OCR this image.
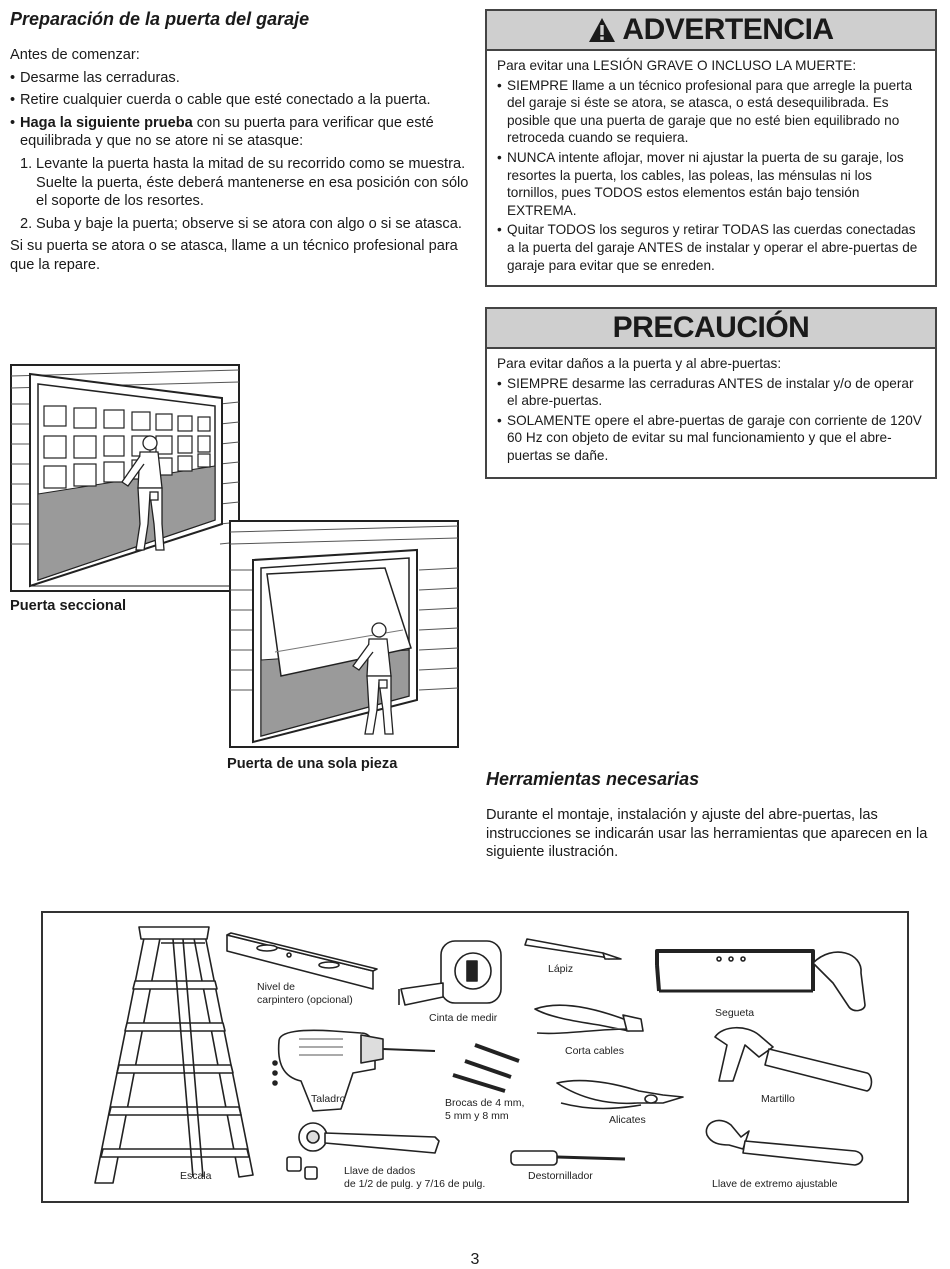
Preparación de la puerta del garaje

Antes de comenzar:

• Desarme las cerraduras.
• Retire cualquier cuerda o cable que esté conectado a la puerta.
• Haga la siguiente prueba con su puerta para verificar que esté equilibrada y que no se atore ni se atasque:
1. Levante la puerta hasta la mitad de su recorrido como se muestra. Suelte la puerta, éste deberá mantenerse en esa posición con sólo el soporte de los resortes.
2. Suba y baje la puerta; observe si se atora con algo o si se atasca.

Si su puerta se atora o se atasca, llame a un técnico profesional para que la repare.

Puerta seccional
Puerta de una sola pieza
ADVERTENCIA
Para evitar una LESIÓN GRAVE O INCLUSO LA MUERTE:
• SIEMPRE llame a un técnico profesional para que arregle la puerta del garaje si éste se atora, se atasca, o está desequilibrada. Es posible que una puerta de garaje que no esté bien equilibrado no retroceda cuando se requiera.
• NUNCA intente aflojar, mover ni ajustar la puerta de su garaje, los resortes la puerta, los cables, las poleas, las ménsulas ni los tornillos, pues TODOS estos elementos están bajo tensión EXTREMA.
• Quitar TODOS los seguros y retirar TODAS las cuerdas conectadas a la puerta del garaje ANTES de instalar y operar el abre-puertas de garaje para evitar que se enreden.
PRECAUCIÓN
Para evitar daños a la puerta y al abre-puertas:
• SIEMPRE desarme las cerraduras ANTES de instalar y/o de operar el abre-puertas.
• SOLAMENTE opere el abre-puertas de garaje con corriente de 120V 60 Hz con objeto de evitar su mal funcionamiento y que el abre-puertas se dañe.
Herramientas necesarias
Durante el montaje, instalación y ajuste del abre-puertas, las instrucciones se indicarán usar las herramientas que aparecen en la siguiente ilustración.
Nivel de
carpintero (opcional)
Cinta de medir
Lápiz
Segueta
Corta cables
Taladro	Brocas de 4 mm,
5 mm y 8 mm	Alicates
Martillo
Escala	Llave de dados
de 1/2 de pulg. y 7/16 de pulg.
Destornillador
Llave de extremo ajustable
3
